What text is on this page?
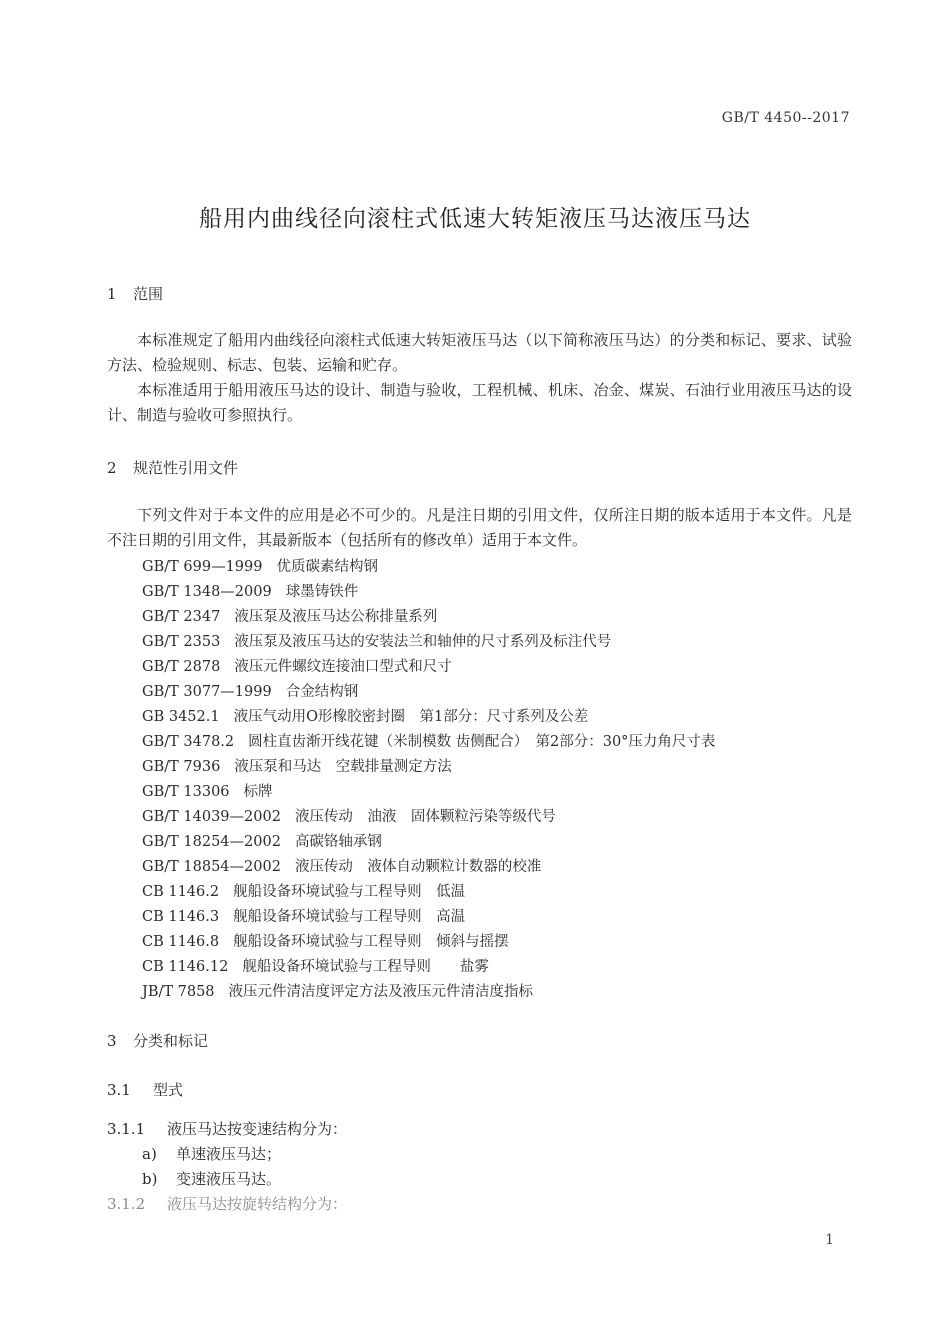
GB/T 4450--2017
船用内曲线径向滚柱式低速大转矩液压马达液压马达
1 范围
本标准规定了船用内曲线径向滚柱式低速大转矩液压马达（以下简称液压马达）的分类和标记、要求、试验方法、检验规则、标志、包装、运输和贮存。
本标准适用于船用液压马达的设计、制造与验收，工程机械、机床、冶金、煤炭、石油行业用液压马达的设计、制造与验收可参照执行。
2 规范性引用文件
下列文件对于本文件的应用是必不可少的。凡是注日期的引用文件，仅所注日期的版本适用于本文件。凡是不注日期的引用文件，其最新版本（包括所有的修改单）适用于本文件。
GB/T 699—1999 优质碳素结构钢
GB/T 1348—2009 球墨铸铁件
GB/T 2347 液压泵及液压马达公称排量系列
GB/T 2353 液压泵及液压马达的安装法兰和轴伸的尺寸系列及标注代号
GB/T 2878 液压元件螺纹连接油口型式和尺寸
GB/T 3077—1999 合金结构钢
GB 3452.1 液压气动用O形橡胶密封圈　第1部分：尺寸系列及公差
GB/T 3478.2 圆柱直齿渐开线花键（米制模数 齿侧配合）　第2部分：30°压力角尺寸表
GB/T 7936 液压泵和马达　空载排量测定方法
GB/T 13306 标牌
GB/T 14039—2002 液压传动　油液　固体颗粒污染等级代号
GB/T 18254—2002 高碳铬轴承钢
GB/T 18854—2002 液压传动　液体自动颗粒计数器的校准
CB 1146.2 舰船设备环境试验与工程导则　低温
CB 1146.3 舰船设备环境试验与工程导则　高温
CB 1146.8 舰船设备环境试验与工程导则　倾斜与摇摆
CB 1146.12 舰船设备环境试验与工程导则　　盐雾
JB/T 7858 液压元件清洁度评定方法及液压元件清洁度指标
3 分类和标记
3.1 型式
3.1.1 液压马达按变速结构分为：
a) 单速液压马达；
b) 变速液压马达。
3.1.2 液压马达按旋转结构分为：
1
